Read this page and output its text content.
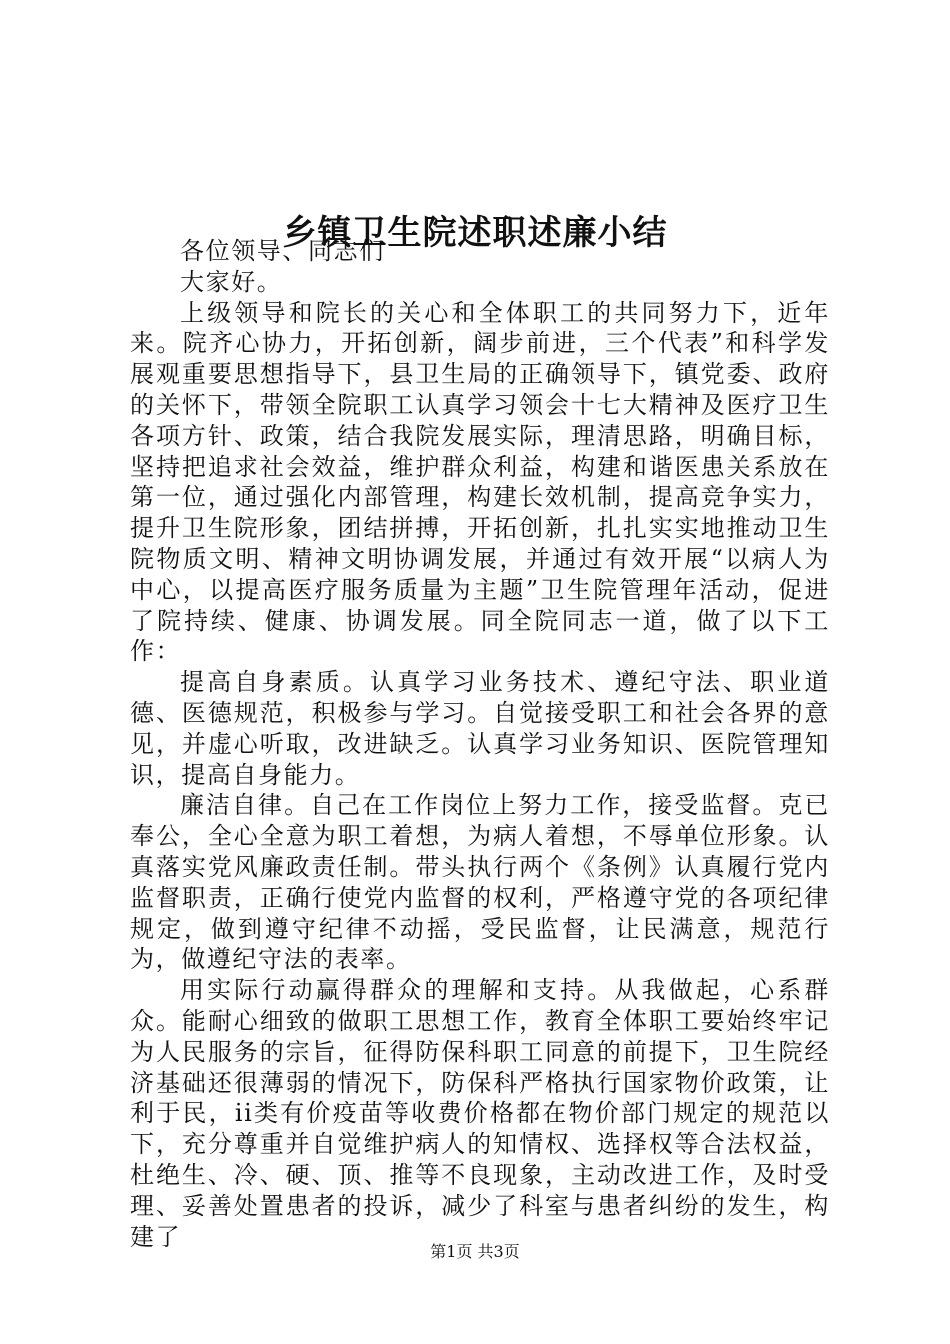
乡镇卫生院述职述廉小结

各位领导、同志们

大家好。

上级领导和院长的关心和全体职工的共同努力下，近年来。院齐心协力，开拓创新，阔步前进，三个代表”和科学发展观重要思想指导下，县卫生局的正确领导下，镇党委、政府的关怀下，带领全院职工认真学习领会十七大精神及医疗卫生各项方针、政策，结合我院发展实际，理清思路，明确目标，坚持把追求社会效益，维护群众利益，构建和谐医患关系放在第一位，通过强化内部管理，构建长效机制，提高竞争实力，提升卫生院形象，团结拼搏，开拓创新，扎扎实实地推动卫生院物质文明、精神文明协调发展，并通过有效开展“以病人为中心，以提高医疗服务质量为主题”卫生院管理年活动，促进了院持续、健康、协调发展。同全院同志一道，做了以下工作：

提高自身素质。认真学习业务技术、遵纪守法、职业道德、医德规范，积极参与学习。自觉接受职工和社会各界的意见，并虚心听取，改进缺乏。认真学习业务知识、医院管理知识，提高自身能力。

廉洁自律。自己在工作岗位上努力工作，接受监督。克已奉公，全心全意为职工着想，为病人着想，不辱单位形象。认真落实党风廉政责任制。带头执行两个《条例》认真履行党内监督职责，正确行使党内监督的权利，严格遵守党的各项纪律规定，做到遵守纪律不动摇，受民监督，让民满意，规范行为，做遵纪守法的表率。

用实际行动赢得群众的理解和支持。从我做起，心系群众。能耐心细致的做职工思想工作，教育全体职工要始终牢记为人民服务的宗旨，征得防保科职工同意的前提下，卫生院经济基础还很薄弱的情况下，防保科严格执行国家物价政策，让利于民，ii类有价疫苗等收费价格都在物价部门规定的规范以下，充分尊重并自觉维护病人的知情权、选择权等合法权益，杜绝生、冷、硬、顶、推等不良现象，主动改进工作，及时受理、妥善处置患者的投诉，减少了科室与患者纠纷的发生，构建了

第1页 共3页
